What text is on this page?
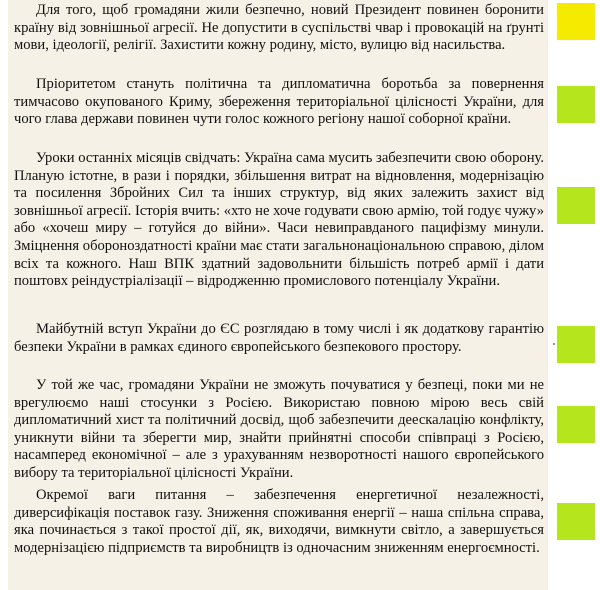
Для того, щоб громадяни жили безпечно, новий Президент повинен боронити країну від зовнішньої агресії. Не допустити в суспільстві чвар і провокацій на ґрунті мови, ідеології, релігії. Захистити кожну родину, місто, вулицю від насильства.

Пріоритетом стануть політична та дипломатична боротьба за повернення тимчасово окупованого Криму, збереження територіальної цілісності України, для чого глава держави повинен чути голос кожного регіону нашої соборної країни.

Уроки останніх місяців свідчать: Україна сама мусить забезпечити свою оборону. Планую істотне, в рази і порядки, збільшення витрат на відновлення, модернізацію та посилення Збройних Сил та інших структур, від яких залежить захист від зовнішньої агресії. Історія вчить: «хто не хоче годувати свою армію, той годує чужу» або «хочеш миру – готуйся до війни». Часи невиправданого пацифізму минули. Зміцнення обороноздатності країни має стати загальнонаціональною справою, ділом всіх та кожного. Наш ВПК здатний задовольнити більшість потреб армії і дати поштовх реіндустріалізації – відродженню промислового потенціалу України.

Майбутній вступ України до ЄС розглядаю в тому числі і як додаткову гарантію безпеки України в рамках єдиного європейського безпекового простору.

У той же час, громадяни України не зможуть почуватися у безпеці, поки ми не врегулюємо наші стосунки з Росією. Використаю повною мірою весь свій дипломатичний хист та політичний досвід, щоб забезпечити деескалацію конфлікту, уникнути війни та зберегти мир, знайти прийнятні способи співпраці з Росією, насамперед економічної – але з урахуванням незворотності нашого європейського вибору та територіальної цілісності України.

Окремої ваги питання – забезпечення енергетичної незалежності, диверсифікація поставок газу. Зниження споживання енергії – наша спільна справа, яка починається з такої простої дії, як, виходячи, вимкнути світло, а завершується модернізацією підприємств та виробництв із одночасним зниженням енергоємності.
